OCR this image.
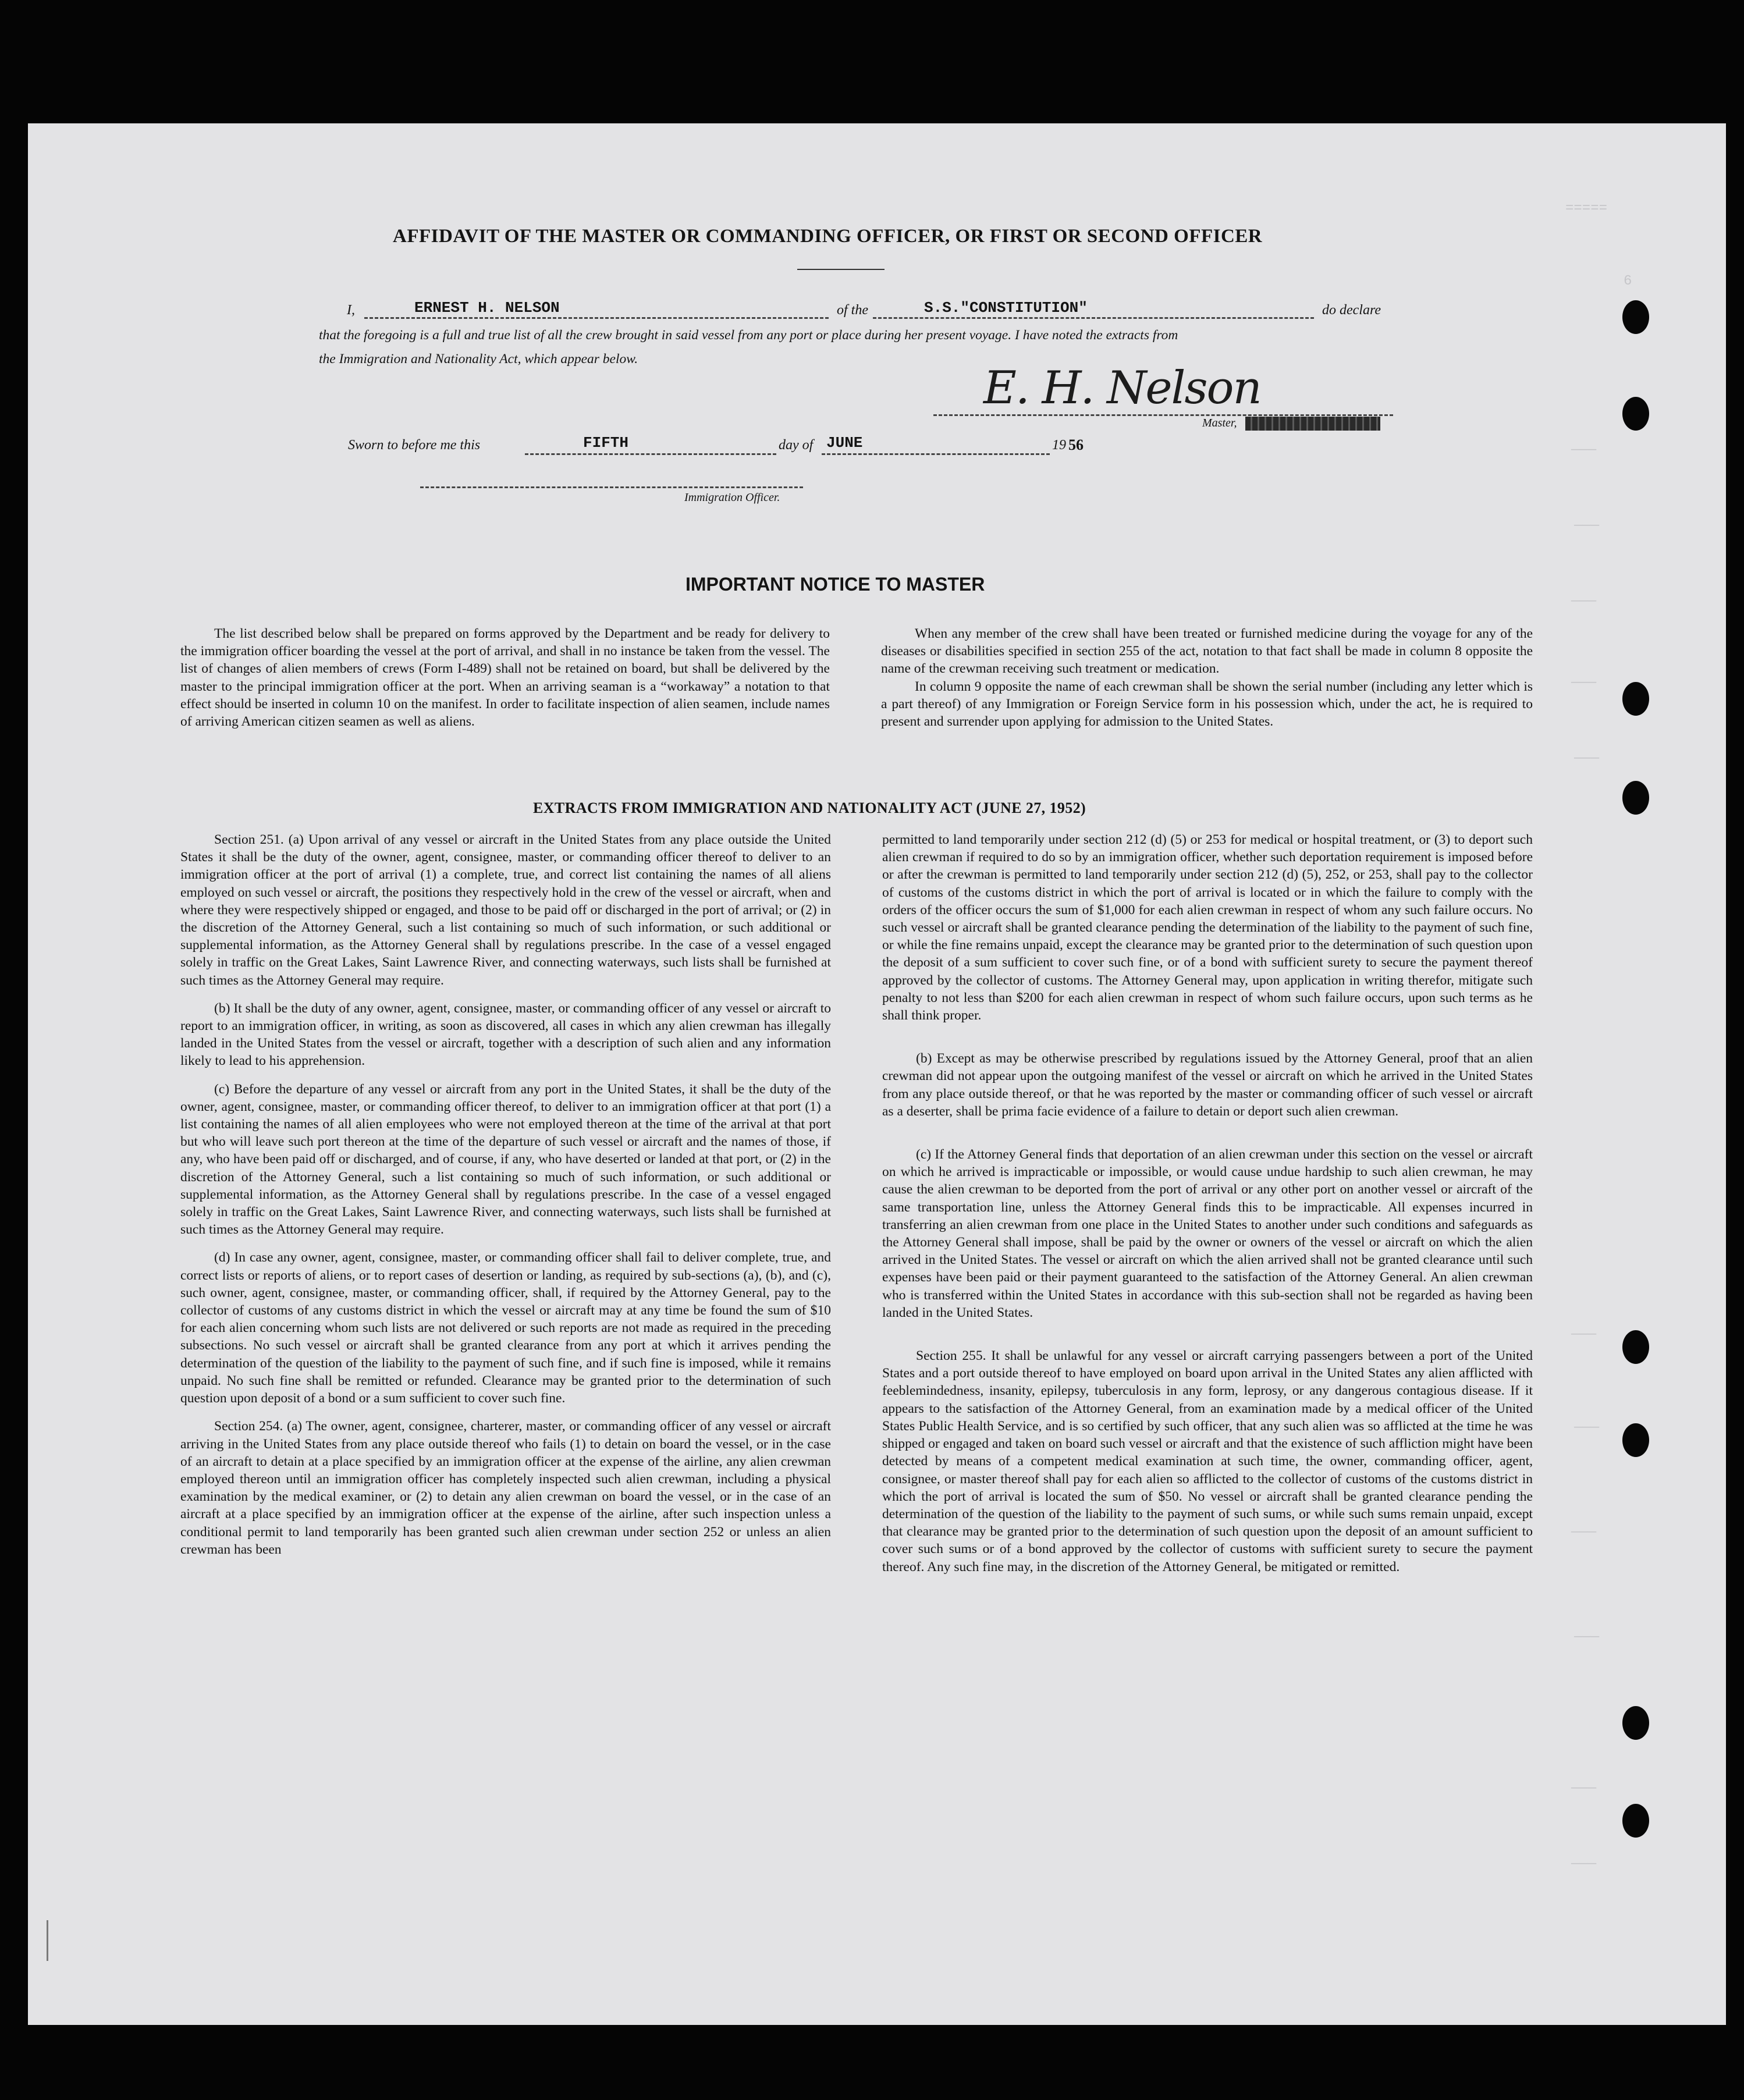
=====
6
———
———
———
———
———
———
———
———
———
———
———
AFFIDAVIT OF THE MASTER OR COMMANDING OFFICER, OR FIRST OR SECOND OFFICER
I,	ERNEST H. NELSON	of the	S.S."CONSTITUTION"	do declare
that the foregoing is a full and true list of all the crew brought in said vessel from any port or place during her present voyage. I have noted the extracts from
the Immigration and Nationality Act, which appear below.
E. H. Nelson
Master,
Sworn to before me this	FIFTH	day of JUNE	19 56
Immigration Officer.
IMPORTANT NOTICE TO MASTER

The list described below shall be prepared on forms approved by the Department and be ready for delivery to the immigration officer boarding the vessel at the port of arrival, and shall in no instance be taken from the vessel. The list of changes of alien members of crews (Form I-489) shall not be retained on board, but shall be delivered by the master to the principal immigration officer at the port. When an arriving seaman is a “workaway” a notation to that effect should be inserted in column 10 on the manifest. In order to facilitate inspection of alien seamen, include names of arriving American citizen seamen as well as aliens.

When any member of the crew shall have been treated or furnished medicine during the voyage for any of the diseases or disabilities specified in section 255 of the act, notation to that fact shall be made in column 8 opposite the name of the crewman receiving such treatment or medication.

In column 9 opposite the name of each crewman shall be shown the serial number (including any letter which is a part thereof) of any Immigration or Foreign Service form in his possession which, under the act, he is required to present and surrender upon applying for admission to the United States.

EXTRACTS FROM IMMIGRATION AND NATIONALITY ACT (JUNE 27, 1952)

Section 251. (a) Upon arrival of any vessel or aircraft in the United States from any place outside the United States it shall be the duty of the owner, agent, consignee, master, or commanding officer thereof to deliver to an immigration officer at the port of arrival (1) a complete, true, and correct list containing the names of all aliens employed on such vessel or aircraft, the positions they respectively hold in the crew of the vessel or aircraft, when and where they were respectively shipped or engaged, and those to be paid off or discharged in the port of arrival; or (2) in the discretion of the Attorney General, such a list containing so much of such information, or such additional or supplemental information, as the Attorney General shall by regulations prescribe. In the case of a vessel engaged solely in traffic on the Great Lakes, Saint Lawrence River, and connecting waterways, such lists shall be furnished at such times as the Attorney General may require.

(b) It shall be the duty of any owner, agent, consignee, master, or commanding officer of any vessel or aircraft to report to an immigration officer, in writing, as soon as discovered, all cases in which any alien crewman has illegally landed in the United States from the vessel or aircraft, together with a description of such alien and any information likely to lead to his apprehension.

(c) Before the departure of any vessel or aircraft from any port in the United States, it shall be the duty of the owner, agent, consignee, master, or commanding officer thereof, to deliver to an immigration officer at that port (1) a list containing the names of all alien employees who were not employed thereon at the time of the arrival at that port but who will leave such port thereon at the time of the departure of such vessel or aircraft and the names of those, if any, who have been paid off or discharged, and of course, if any, who have deserted or landed at that port, or (2) in the discretion of the Attorney General, such a list containing so much of such information, or such additional or supplemental information, as the Attorney General shall by regulations prescribe. In the case of a vessel engaged solely in traffic on the Great Lakes, Saint Lawrence River, and connecting waterways, such lists shall be furnished at such times as the Attorney General may require.

(d) In case any owner, agent, consignee, master, or commanding officer shall fail to deliver complete, true, and correct lists or reports of aliens, or to report cases of desertion or landing, as required by sub-sections (a), (b), and (c), such owner, agent, consignee, master, or commanding officer, shall, if required by the Attorney General, pay to the collector of customs of any customs district in which the vessel or aircraft may at any time be found the sum of $10 for each alien concerning whom such lists are not delivered or such reports are not made as required in the preceding subsections. No such vessel or aircraft shall be granted clearance from any port at which it arrives pending the determination of the question of the liability to the payment of such fine, and if such fine is imposed, while it remains unpaid. No such fine shall be remitted or refunded. Clearance may be granted prior to the determination of such question upon deposit of a bond or a sum sufficient to cover such fine.

Section 254. (a) The owner, agent, consignee, charterer, master, or commanding officer of any vessel or aircraft arriving in the United States from any place outside thereof who fails (1) to detain on board the vessel, or in the case of an aircraft to detain at a place specified by an immigration officer at the expense of the airline, any alien crewman employed thereon until an immigration officer has completely inspected such alien crewman, including a physical examination by the medical examiner, or (2) to detain any alien crewman on board the vessel, or in the case of an aircraft at a place specified by an immigration officer at the expense of the airline, after such inspection unless a conditional permit to land temporarily has been granted such alien crewman under section 252 or unless an alien crewman has been

permitted to land temporarily under section 212 (d) (5) or 253 for medical or hospital treatment, or (3) to deport such alien crewman if required to do so by an immigration officer, whether such deportation requirement is imposed before or after the crewman is permitted to land temporarily under section 212 (d) (5), 252, or 253, shall pay to the collector of customs of the customs district in which the port of arrival is located or in which the failure to comply with the orders of the officer occurs the sum of $1,000 for each alien crewman in respect of whom any such failure occurs. No such vessel or aircraft shall be granted clearance pending the determination of the liability to the payment of such fine, or while the fine remains unpaid, except the clearance may be granted prior to the determination of such question upon the deposit of a sum sufficient to cover such fine, or of a bond with sufficient surety to secure the payment thereof approved by the collector of customs. The Attorney General may, upon application in writing therefor, mitigate such penalty to not less than $200 for each alien crewman in respect of whom such failure occurs, upon such terms as he shall think proper.

(b) Except as may be otherwise prescribed by regulations issued by the Attorney General, proof that an alien crewman did not appear upon the outgoing manifest of the vessel or aircraft on which he arrived in the United States from any place outside thereof, or that he was reported by the master or commanding officer of such vessel or aircraft as a deserter, shall be prima facie evidence of a failure to detain or deport such alien crewman.

(c) If the Attorney General finds that deportation of an alien crewman under this section on the vessel or aircraft on which he arrived is impracticable or impossible, or would cause undue hardship to such alien crewman, he may cause the alien crewman to be deported from the port of arrival or any other port on another vessel or aircraft of the same transportation line, unless the Attorney General finds this to be impracticable. All expenses incurred in transferring an alien crewman from one place in the United States to another under such conditions and safeguards as the Attorney General shall impose, shall be paid by the owner or owners of the vessel or aircraft on which the alien arrived in the United States. The vessel or aircraft on which the alien arrived shall not be granted clearance until such expenses have been paid or their payment guaranteed to the satisfaction of the Attorney General. An alien crewman who is transferred within the United States in accordance with this sub-section shall not be regarded as having been landed in the United States.

Section 255. It shall be unlawful for any vessel or aircraft carrying passengers between a port of the United States and a port outside thereof to have employed on board upon arrival in the United States any alien afflicted with feeblemindedness, insanity, epilepsy, tuberculosis in any form, leprosy, or any dangerous contagious disease. If it appears to the satisfaction of the Attorney General, from an examination made by a medical officer of the United States Public Health Service, and is so certified by such officer, that any such alien was so afflicted at the time he was shipped or engaged and taken on board such vessel or aircraft and that the existence of such affliction might have been detected by means of a competent medical examination at such time, the owner, commanding officer, agent, consignee, or master thereof shall pay for each alien so afflicted to the collector of customs of the customs district in which the port of arrival is located the sum of $50. No vessel or aircraft shall be granted clearance pending the determination of the question of the liability to the payment of such sums, or while such sums remain unpaid, except that clearance may be granted prior to the determination of such question upon the deposit of an amount sufficient to cover such sums or of a bond approved by the collector of customs with sufficient surety to secure the payment thereof. Any such fine may, in the discretion of the Attorney General, be mitigated or remitted.
